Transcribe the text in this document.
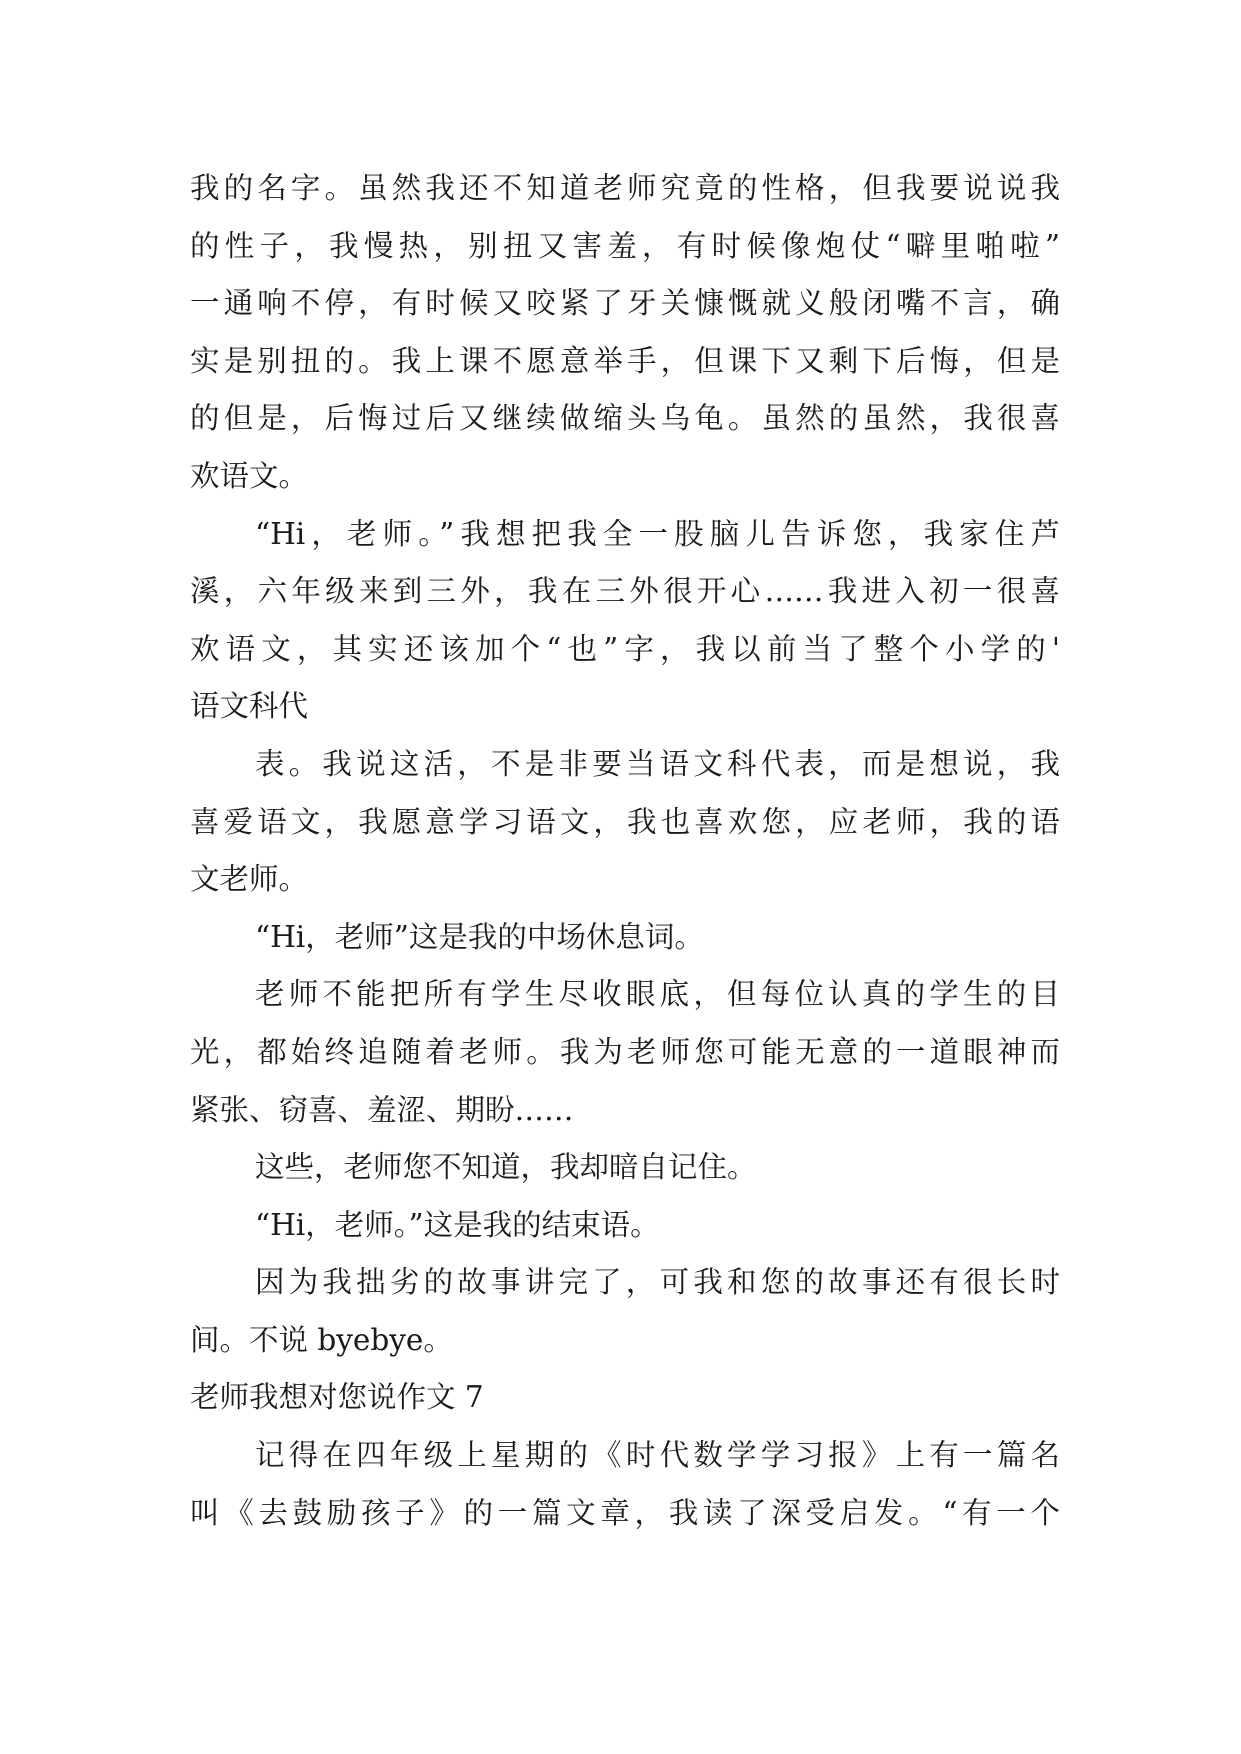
我的名字。虽然我还不知道老师究竟的性格，但我要说说我
的性子，我慢热，别扭又害羞，有时候像炮仗“噼里啪啦”
一通响不停，有时候又咬紧了牙关慷慨就义般闭嘴不言，确
实是别扭的。我上课不愿意举手，但课下又剩下后悔，但是
的但是，后悔过后又继续做缩头乌龟。虽然的虽然，我很喜
欢语文。
“Hi，老师。”我想把我全一股脑儿告诉您，我家住芦
溪，六年级来到三外，我在三外很开心……我进入初一很喜
欢语文，其实还该加个“也”字，我以前当了整个小学的'
语文科代
表。我说这活，不是非要当语文科代表，而是想说，我
喜爱语文，我愿意学习语文，我也喜欢您，应老师，我的语
文老师。
“Hi，老师”这是我的中场休息词。
老师不能把所有学生尽收眼底，但每位认真的学生的目
光，都始终追随着老师。我为老师您可能无意的一道眼神而
紧张、窃喜、羞涩、期盼……
这些，老师您不知道，我却暗自记住。
“Hi，老师。”这是我的结束语。
因为我拙劣的故事讲完了，可我和您的故事还有很长时
间。不说 byebye。
老师我想对您说作文 7
记得在四年级上星期的《时代数学学习报》上有一篇名
叫《去鼓励孩子》的一篇文章，我读了深受启发。“有一个
